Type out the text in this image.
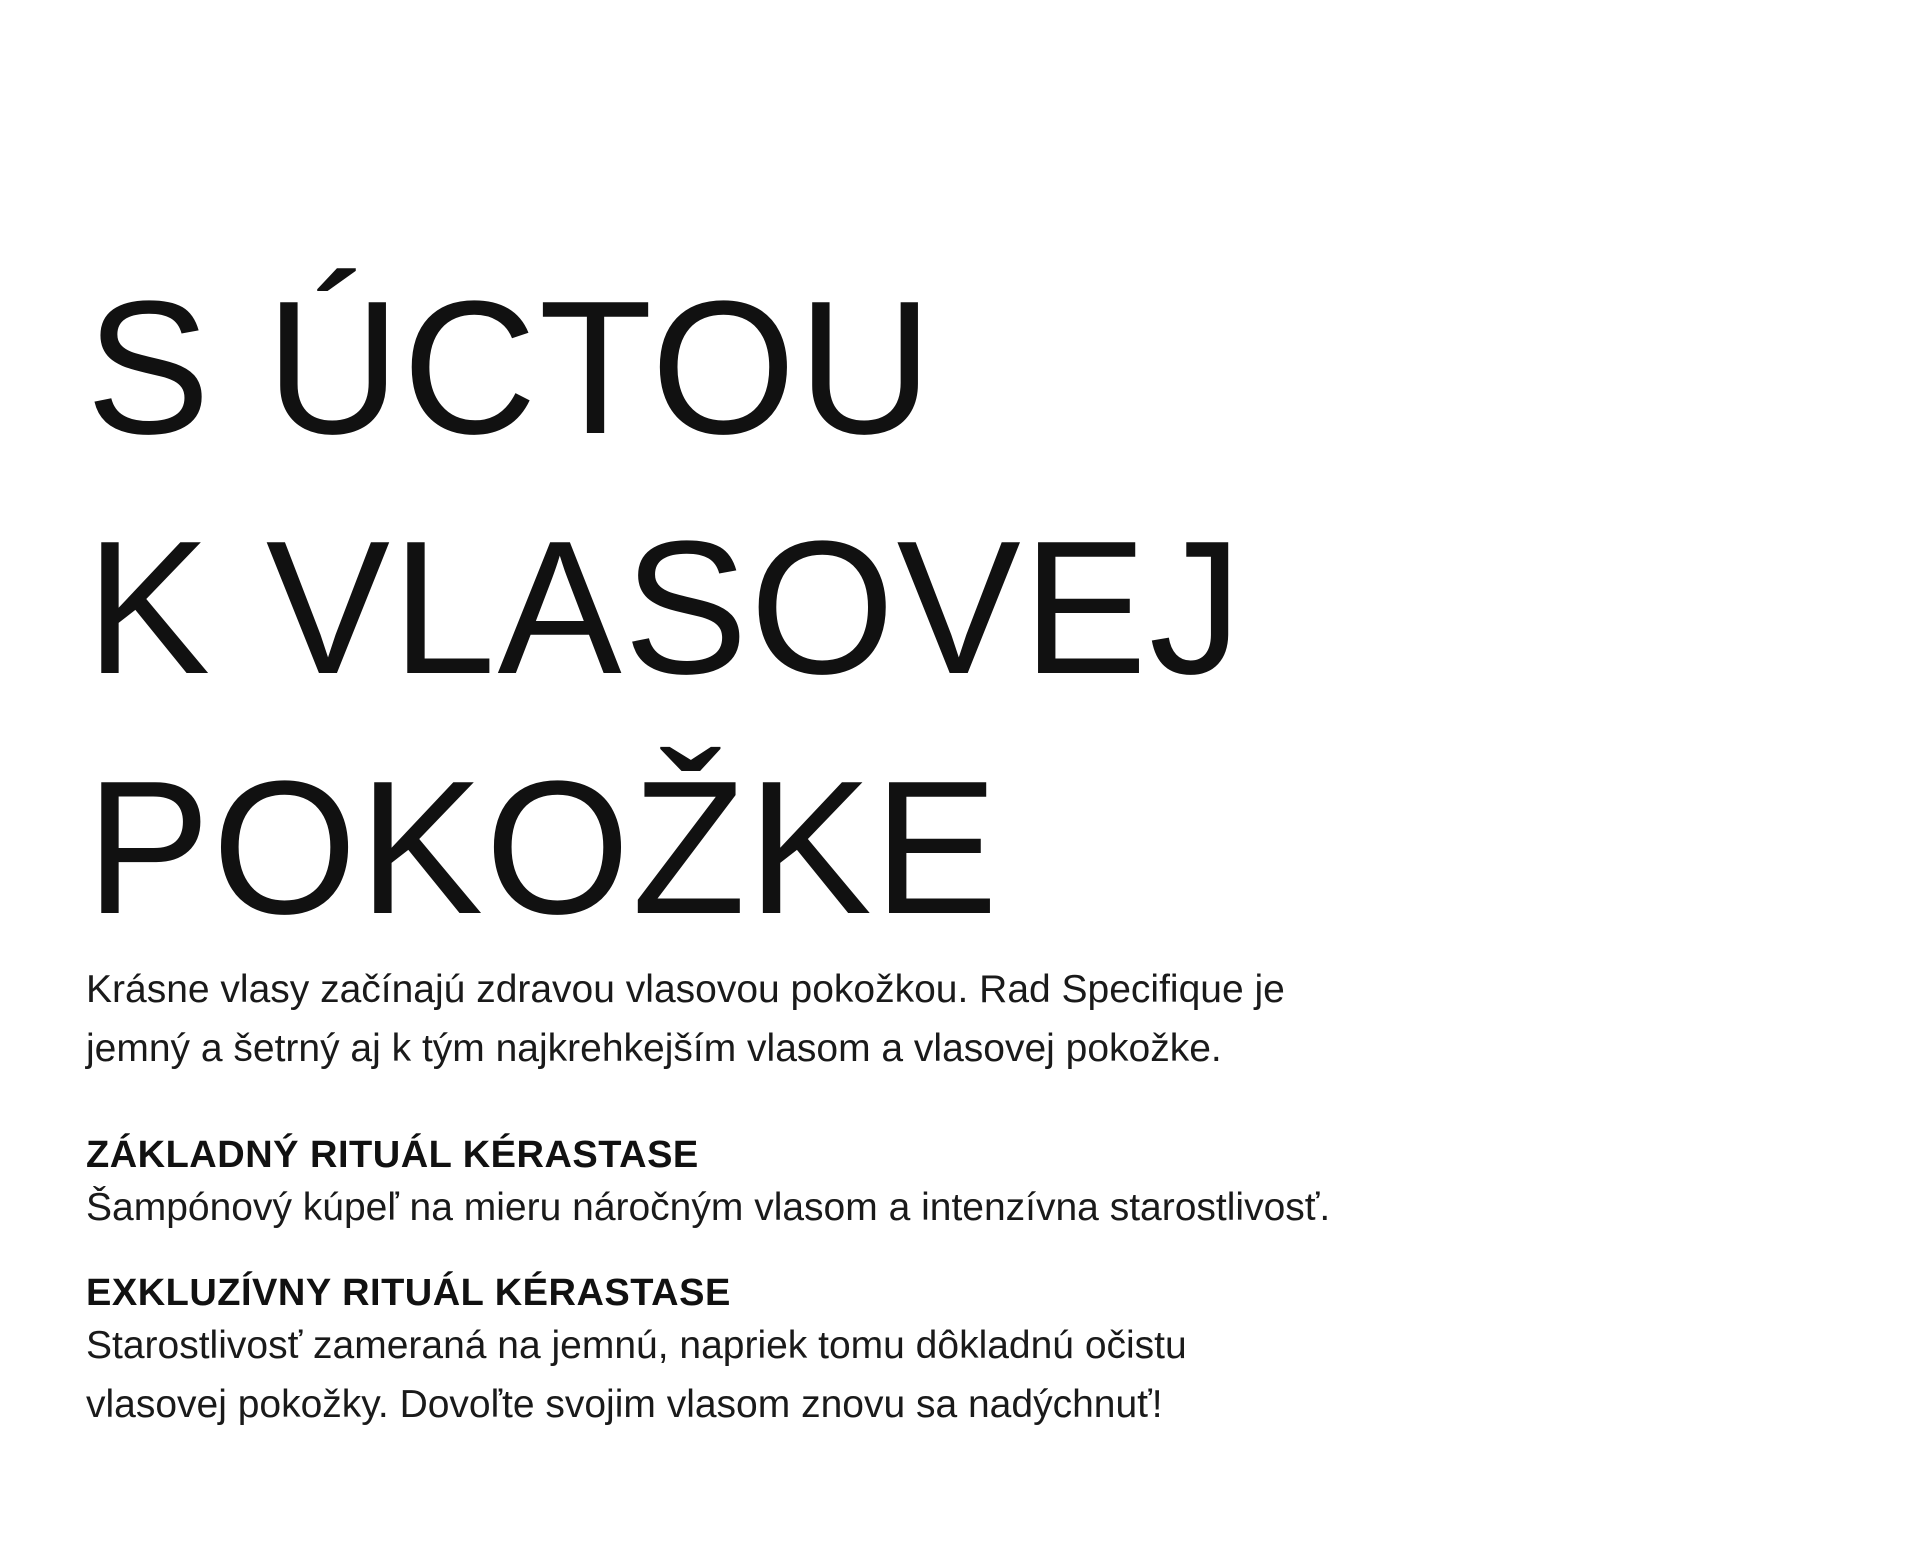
S ÚCTOU
K VLASOVEJ
POKOŽKE

Krásne vlasy začínajú zdravou vlasovou pokožkou. Rad Specifique je
jemný a šetrný aj k tým najkrehkejším vlasom a vlasovej pokožke.

ZÁKLADNÝ RITUÁL KÉRASTASE

Šampónový kúpeľ na mieru náročným vlasom a intenzívna starostlivosť.

EXKLUZÍVNY RITUÁL KÉRASTASE

Starostlivosť zameraná na jemnú, napriek tomu dôkladnú očistu
vlasovej pokožky. Dovoľte svojim vlasom znovu sa nadýchnuť!
